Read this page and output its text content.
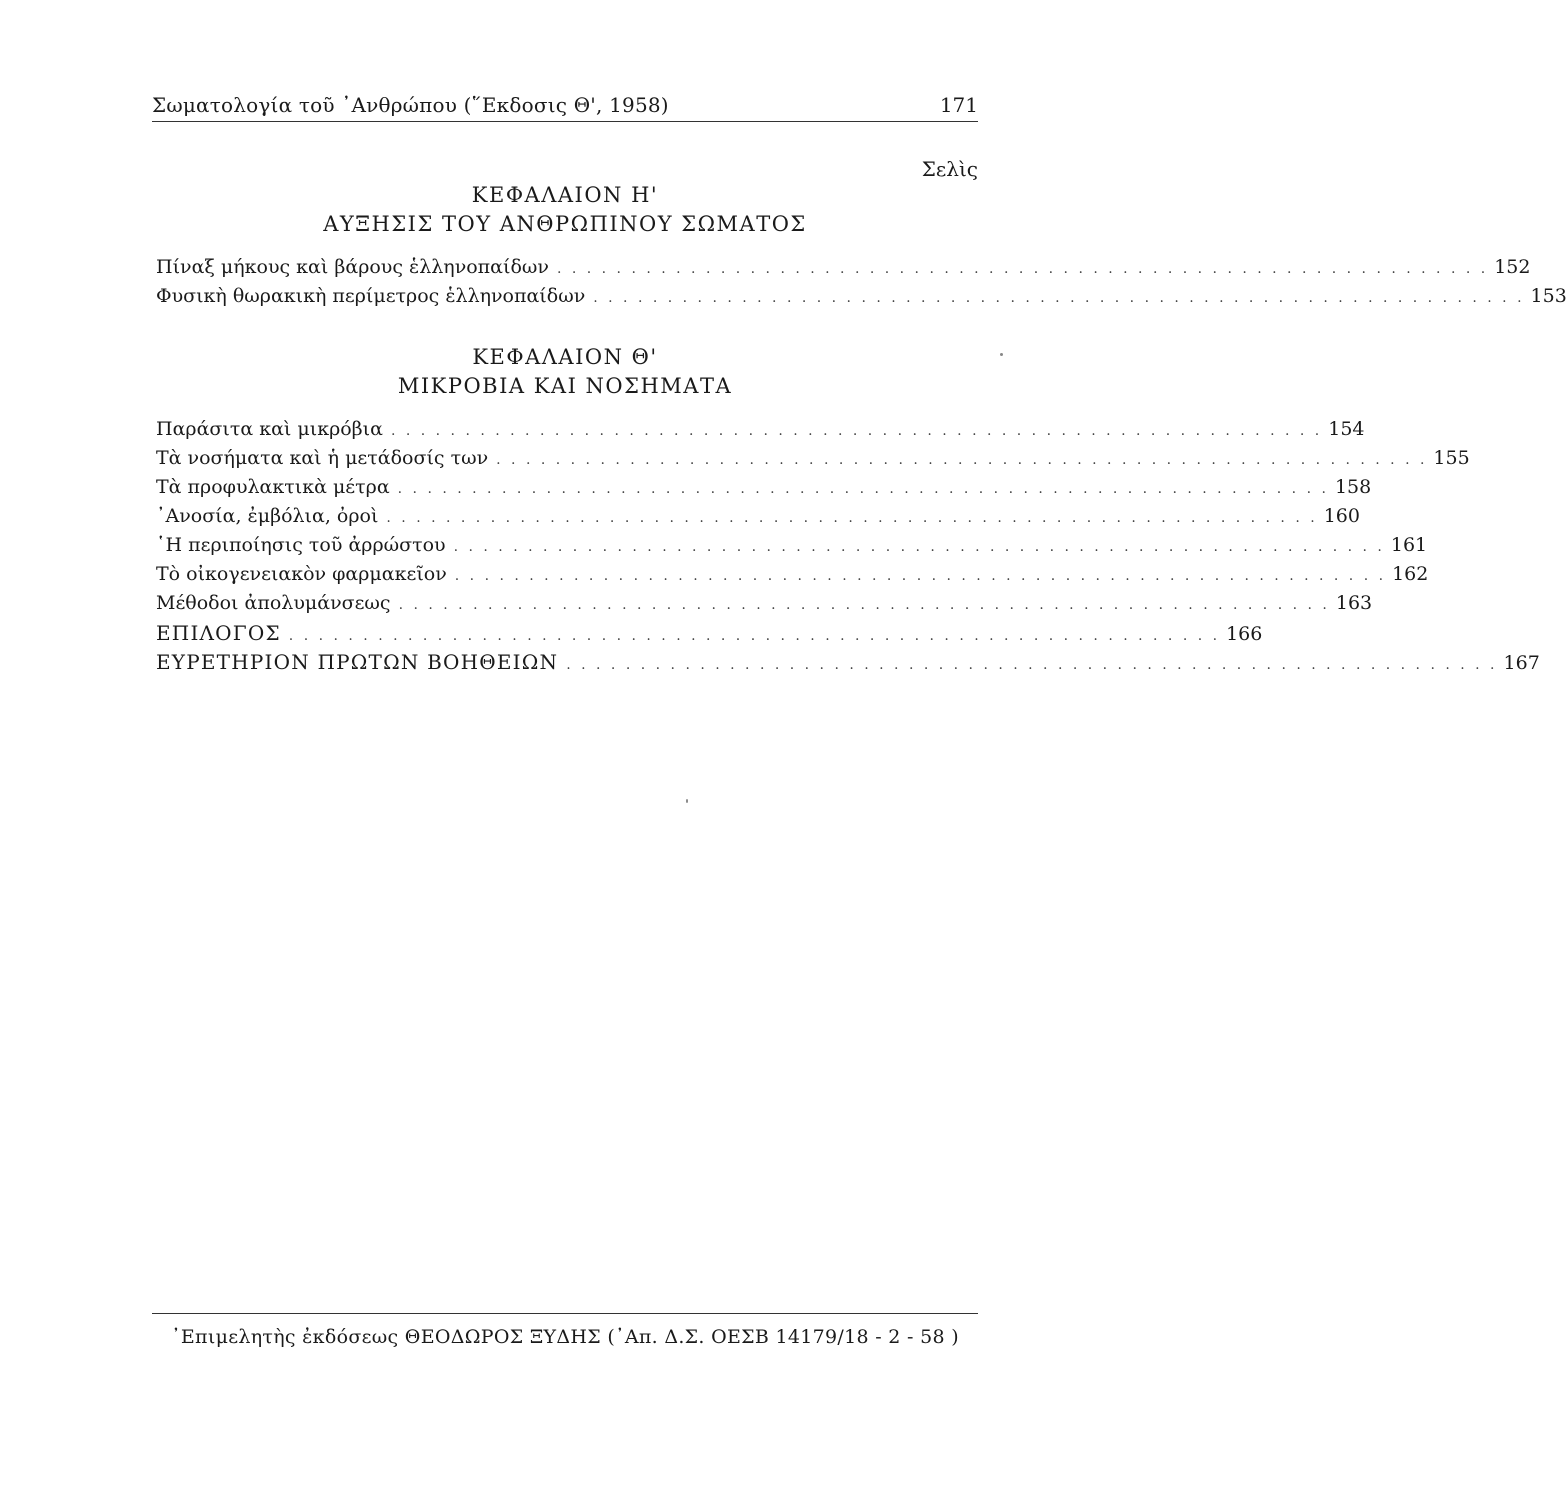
Σωματολογία τοῦ ᾿Ανθρώπου (῞Εκδοσις Θ', 1958)	171
Σελὶς
ΚΕΦΑΛΑΙΟΝ Η'
ΑΥΞΗΣΙΣ ΤΟΥ ΑΝΘΡΩΠΙΝΟΥ ΣΩΜΑΤΟΣ
Πίναξ μήκους καὶ βάρους ἑλληνοπαίδων . . . . . . . . . . . . . . . . . . . . . . . . . . . . . . . . . . . . . . . . . . . . . . . . . . . . . . . . . . . . . . . 152
Φυσικὴ θωρακικὴ περίμετρος ἑλληνοπαίδων . . . . . . . . . . . . . . . . . . . . . . . . . . . . . . . . . . . . . . . . . . . . . . . . . . . . . . . . . . . . . . . 153
ΚΕΦΑΛΑΙΟΝ Θ'
ΜΙΚΡΟΒΙΑ ΚΑΙ ΝΟΣΗΜΑΤΑ
Παράσιτα καὶ μικρόβια . . . . . . . . . . . . . . . . . . . . . . . . . . . . . . . . . . . . . . . . . . . . . . . . . . . . . . . . . . . . . . . 154
Τὰ νοσήματα καὶ ἡ μετάδοσίς των . . . . . . . . . . . . . . . . . . . . . . . . . . . . . . . . . . . . . . . . . . . . . . . . . . . . . . . . . . . . . . . 155
Τὰ προφυλακτικὰ μέτρα . . . . . . . . . . . . . . . . . . . . . . . . . . . . . . . . . . . . . . . . . . . . . . . . . . . . . . . . . . . . . . . 158
᾿Ανοσία, ἐμβόλια, ὀροὶ . . . . . . . . . . . . . . . . . . . . . . . . . . . . . . . . . . . . . . . . . . . . . . . . . . . . . . . . . . . . . . . 160
῾Η περιποίησις τοῦ ἀρρώστου . . . . . . . . . . . . . . . . . . . . . . . . . . . . . . . . . . . . . . . . . . . . . . . . . . . . . . . . . . . . . . . 161
Τὸ οἰκογενειακὸν φαρμακεῖον . . . . . . . . . . . . . . . . . . . . . . . . . . . . . . . . . . . . . . . . . . . . . . . . . . . . . . . . . . . . . . . 162
Μέθοδοι ἀπολυμάνσεως . . . . . . . . . . . . . . . . . . . . . . . . . . . . . . . . . . . . . . . . . . . . . . . . . . . . . . . . . . . . . . . 163
ΕΠΙΛΟΓΟΣ . . . . . . . . . . . . . . . . . . . . . . . . . . . . . . . . . . . . . . . . . . . . . . . . . . . . . . . . . . . . . . . 166
ΕΥΡΕΤΗΡΙΟΝ ΠΡΩΤΩΝ ΒΟΗΘΕΙΩΝ . . . . . . . . . . . . . . . . . . . . . . . . . . . . . . . . . . . . . . . . . . . . . . . . . . . . . . . . . . . . . . . 167
᾿Επιμελητὴς ἐκδόσεως ΘΕΟΔΩΡΟΣ ΞΥΔΗΣ (᾿Απ. Δ.Σ. ΟΕΣΒ 14179/18 - 2 - 58 )
